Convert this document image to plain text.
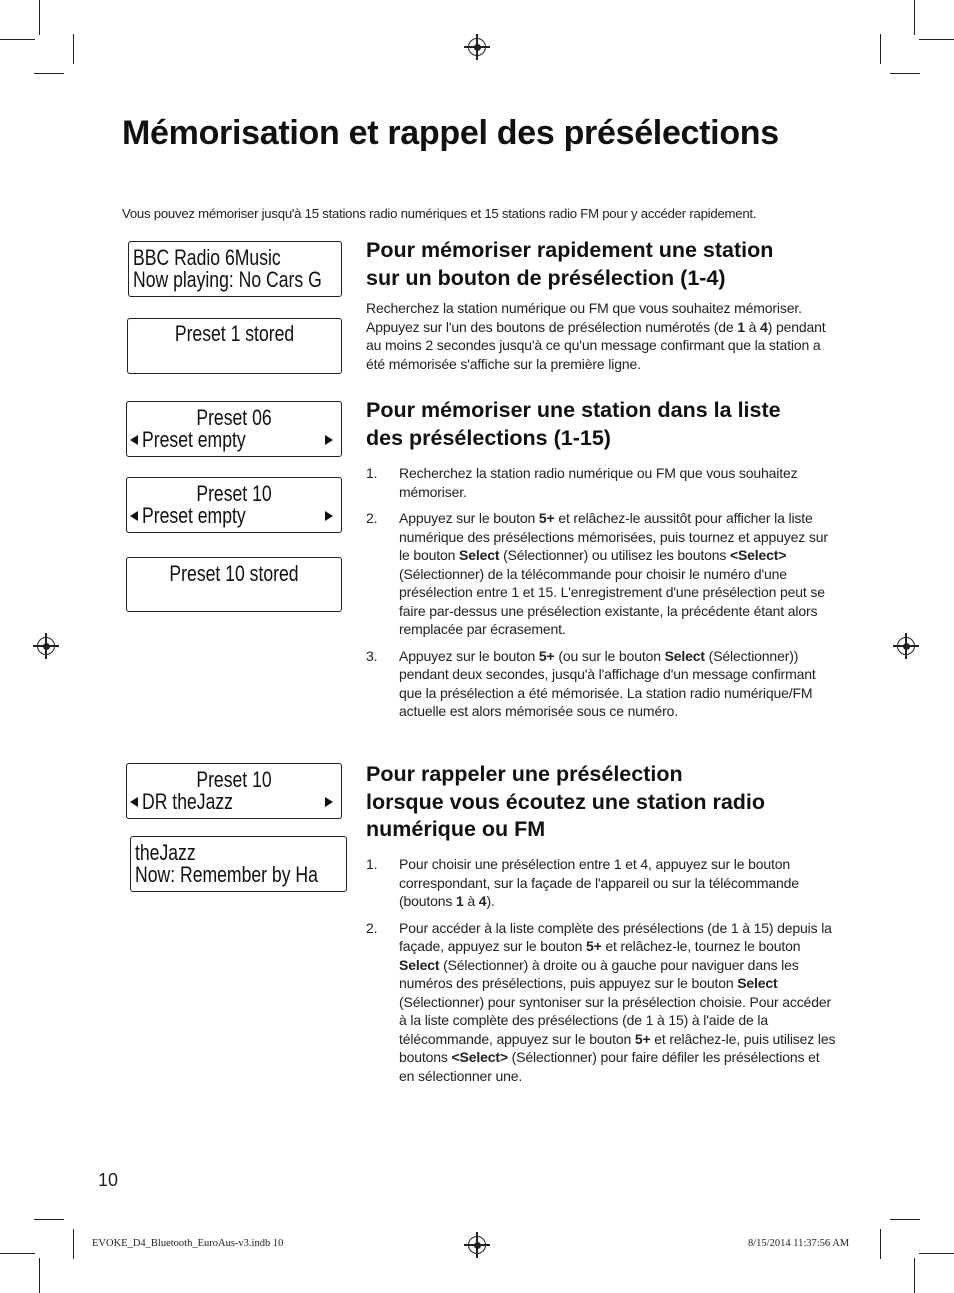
Mémorisation et rappel des présélections
Vous pouvez mémoriser jusqu'à 15 stations radio numériques et 15 stations radio FM pour y accéder rapidement.
BBC Radio 6Music
Now playing: No Cars G
Preset 1 stored
Preset 06
Preset empty
Preset 10
Preset empty
Preset 10 stored
Preset 10
DR theJazz
theJazz
Now: Remember by Ha
Pour mémoriser rapidement une station
sur un bouton de présélection (1-4)
Recherchez la station numérique ou FM que vous souhaitez mémoriser. Appuyez sur l'un des boutons de présélection numérotés (de 1 à 4) pendant au moins 2 secondes jusqu'à ce qu'un message confirmant que la station a été mémorisée s'affiche sur la première ligne.
Pour mémoriser une station dans la liste
des présélections (1-15)
1. Recherchez la station radio numérique ou FM que vous souhaitez mémoriser.
2. Appuyez sur le bouton 5+ et relâchez-le aussitôt pour afficher la liste numérique des présélections mémorisées, puis tournez et appuyez sur le bouton Select (Sélectionner) ou utilisez les boutons <Select> (Sélectionner) de la télécommande pour choisir le numéro d'une présélection entre 1 et 15. L'enregistrement d'une présélection peut se faire par-dessus une présélection existante, la précédente étant alors remplacée par écrasement.
3. Appuyez sur le bouton 5+ (ou sur le bouton Select (Sélectionner)) pendant deux secondes, jusqu'à l'affichage d'un message confirmant que la présélection a été mémorisée. La station radio numérique/FM actuelle est alors mémorisée sous ce numéro.
Pour rappeler une présélection
lorsque vous écoutez une station radio
numérique ou FM
1. Pour choisir une présélection entre 1 et 4, appuyez sur le bouton correspondant, sur la façade de l'appareil ou sur la télécommande (boutons 1 à 4).
2. Pour accéder à la liste complète des présélections (de 1 à 15) depuis la façade, appuyez sur le bouton 5+ et relâchez-le, tournez le bouton Select (Sélectionner) à droite ou à gauche pour naviguer dans les numéros des présélections, puis appuyez sur le bouton Select (Sélectionner) pour syntoniser sur la présélection choisie. Pour accéder à la liste complète des présélections (de 1 à 15) à l'aide de la télécommande, appuyez sur le bouton 5+ et relâchez-le, puis utilisez les boutons <Select> (Sélectionner) pour faire défiler les présélections et en sélectionner une.
10
EVOKE_D4_Bluetooth_EuroAus-v3.indb 10	8/15/2014 11:37:56 AM
